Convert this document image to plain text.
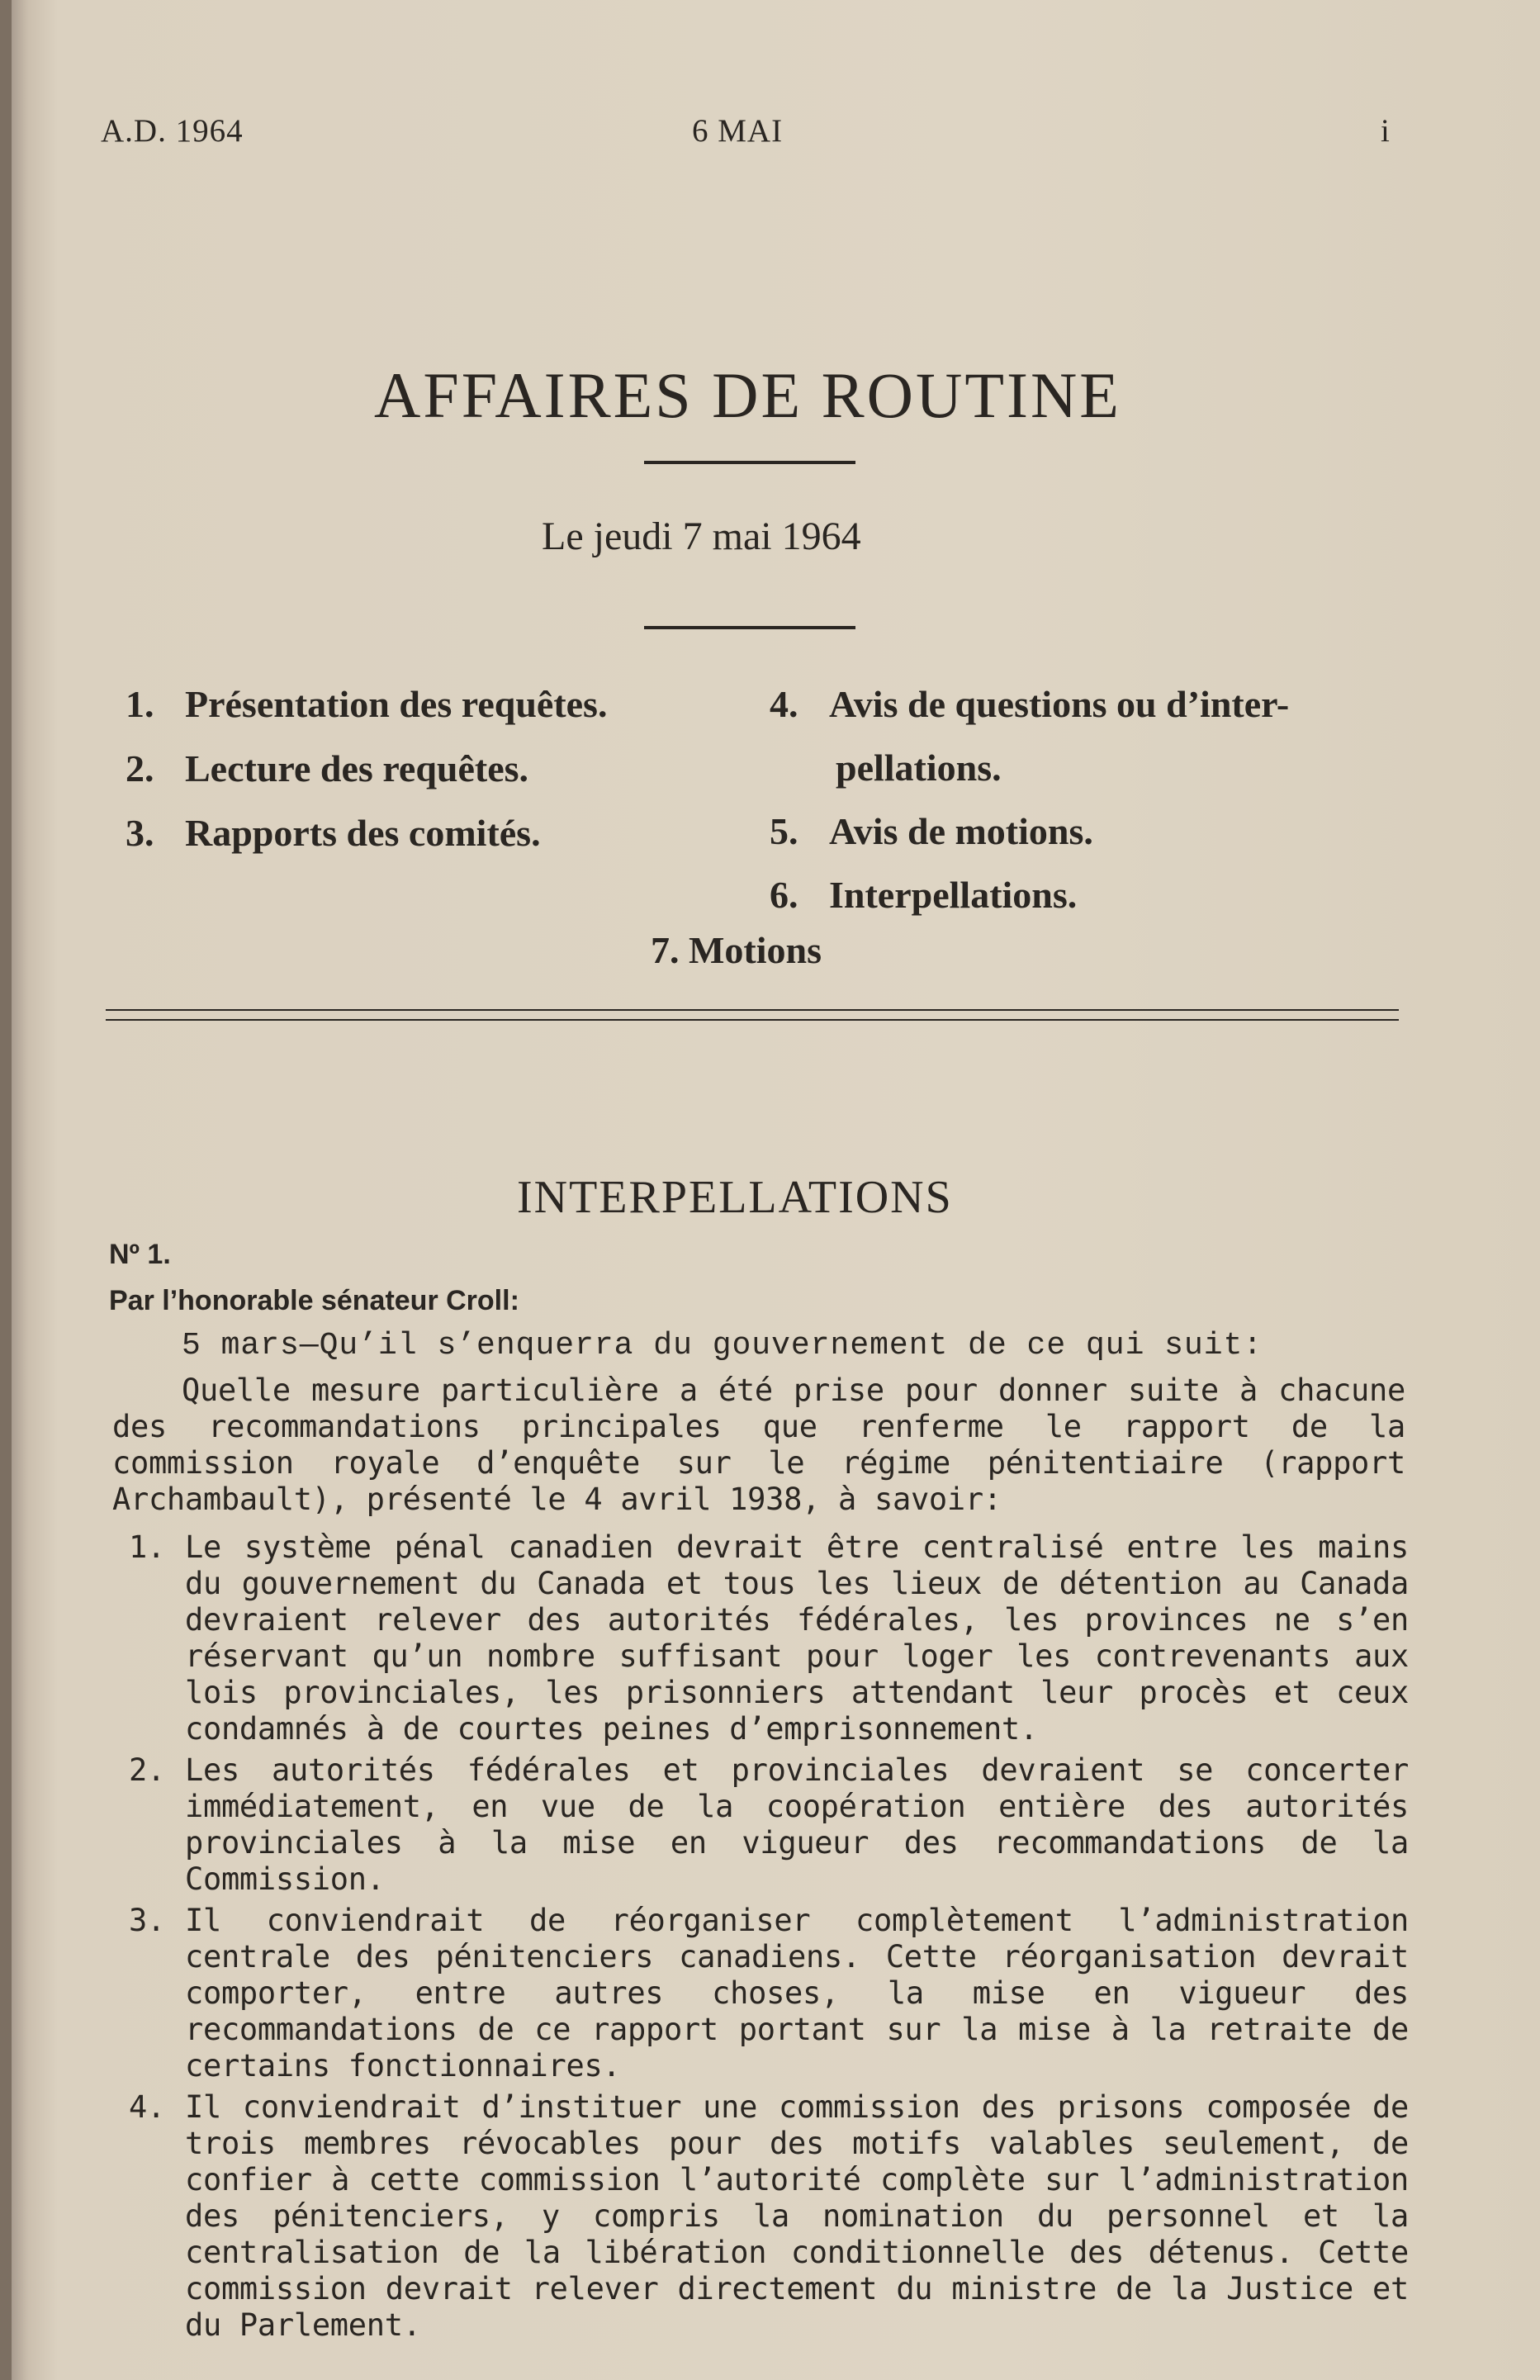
A.D. 1964	6 MAI	i
AFFAIRES DE ROUTINE
Le jeudi 7 mai 1964
1. Présentation des requêtes.
2. Lecture des requêtes.
3. Rapports des comités.
4. Avis de questions ou d’inter-
pellations.
5. Avis de motions.
6. Interpellations.
7. Motions
INTERPELLATIONS
Nº 1.
Par l’honorable sénateur Croll:
5 mars—Qu’il s’enquerra du gouvernement de ce qui suit:
Quelle mesure particulière a été prise pour donner suite à chacune des recommandations principales que renferme le rapport de la commission royale d’enquête sur le régime pénitentiaire (rapport Archambault), présenté le 4 avril 1938, à savoir:
1. Le système pénal canadien devrait être centralisé entre les mains du gouvernement du Canada et tous les lieux de détention au Canada devraient relever des autorités fédérales, les provinces ne s’en réservant qu’un nombre suffisant pour loger les contrevenants aux lois provinciales, les prisonniers attendant leur procès et ceux condamnés à de courtes peines d’emprisonnement.
2. Les autorités fédérales et provinciales devraient se concerter immédiatement, en vue de la coopération entière des autorités provinciales à la mise en vigueur des recommandations de la Commission.
3. Il conviendrait de réorganiser complètement l’administration centrale des pénitenciers canadiens. Cette réorganisation devrait comporter, entre autres choses, la mise en vigueur des recommandations de ce rapport portant sur la mise à la retraite de certains fonctionnaires.
4. Il conviendrait d’instituer une commission des prisons composée de trois membres révocables pour des motifs valables seulement, de confier à cette commission l’autorité complète sur l’administration des pénitenciers, y compris la nomination du personnel et la centralisation de la libération conditionnelle des détenus. Cette commission devrait relever directement du ministre de la Justice et du Parlement.
